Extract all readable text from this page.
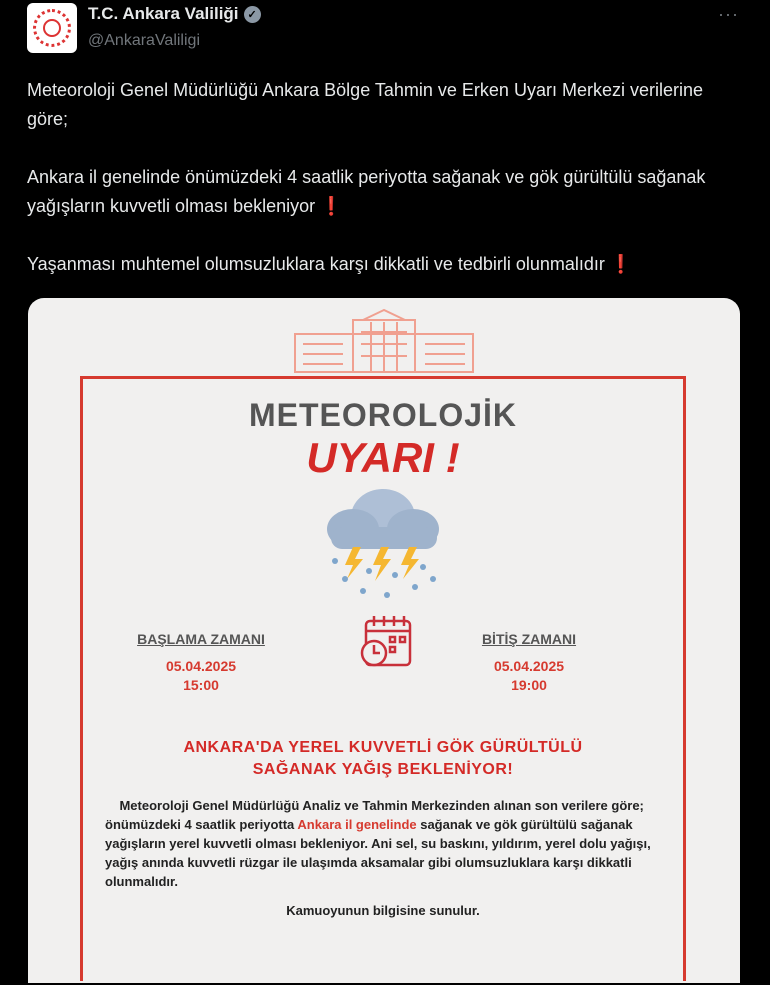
T.C. Ankara Valiliği ✓
@AnkaraValiligi
···

Meteoroloji Genel Müdürlüğü Ankara Bölge Tahmin ve Erken Uyarı Merkezi verilerine göre;

Ankara il genelinde önümüzdeki 4 saatlik periyotta sağanak ve gök gürültülü sağanak yağışların kuvvetli olması bekleniyor ❗

Yaşanması muhtemel olumsuzluklara karşı dikkatli ve tedbirli olunmalıdır ❗

METEOROLOJİK
UYARI !
BAŞLAMA ZAMANI
05.04.2025
15:00
BİTİŞ ZAMANI
05.04.2025
19:00
ANKARA'DA YEREL KUVVETLİ GÖK GÜRÜLTÜLÜ
SAĞANAK YAĞIŞ BEKLENİYOR!
Meteoroloji Genel Müdürlüğü Analiz ve Tahmin Merkezinden alınan son verilere göre; önümüzdeki 4 saatlik periyotta Ankara il genelinde sağanak ve gök gürültülü sağanak yağışların yerel kuvvetli olması bekleniyor. Ani sel, su baskını, yıldırım, yerel dolu yağışı, yağış anında kuvvetli rüzgar ile ulaşımda aksamalar gibi olumsuzluklara karşı dikkatli olunmalıdır.
Kamuoyunun bilgisine sunulur.
